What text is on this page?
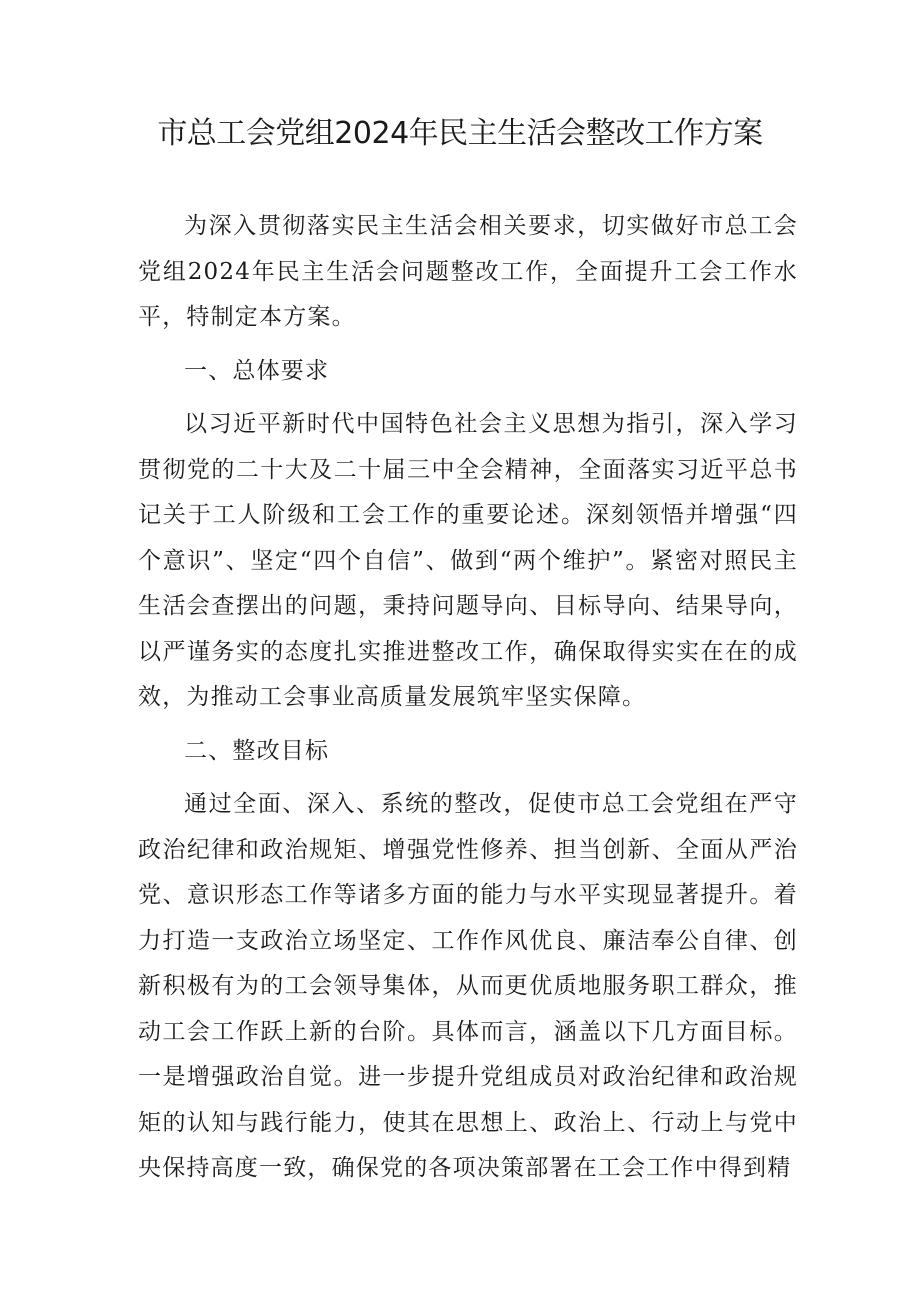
市总工会党组2024年民主生活会整改工作方案

为深入贯彻落实民主生活会相关要求，切实做好市总工会党组2024年民主生活会问题整改工作，全面提升工会工作水平，特制定本方案。

一、总体要求

以习近平新时代中国特色社会主义思想为指引，深入学习贯彻党的二十大及二十届三中全会精神，全面落实习近平总书记关于工人阶级和工会工作的重要论述。深刻领悟并增强“四个意识”、坚定“四个自信”、做到“两个维护”。紧密对照民主生活会查摆出的问题，秉持问题导向、目标导向、结果导向，以严谨务实的态度扎实推进整改工作，确保取得实实在在的成效，为推动工会事业高质量发展筑牢坚实保障。

二、整改目标

通过全面、深入、系统的整改，促使市总工会党组在严守政治纪律和政治规矩、增强党性修养、担当创新、全面从严治党、意识形态工作等诸多方面的能力与水平实现显著提升。着力打造一支政治立场坚定、工作作风优良、廉洁奉公自律、创新积极有为的工会领导集体，从而更优质地服务职工群众，推动工会工作跃上新的台阶。具体而言，涵盖以下几方面目标。一是增强政治自觉。进一步提升党组成员对政治纪律和政治规矩的认知与践行能力，使其在思想上、政治上、行动上与党中央保持高度一致，确保党的各项决策部署在工会工作中得到精
